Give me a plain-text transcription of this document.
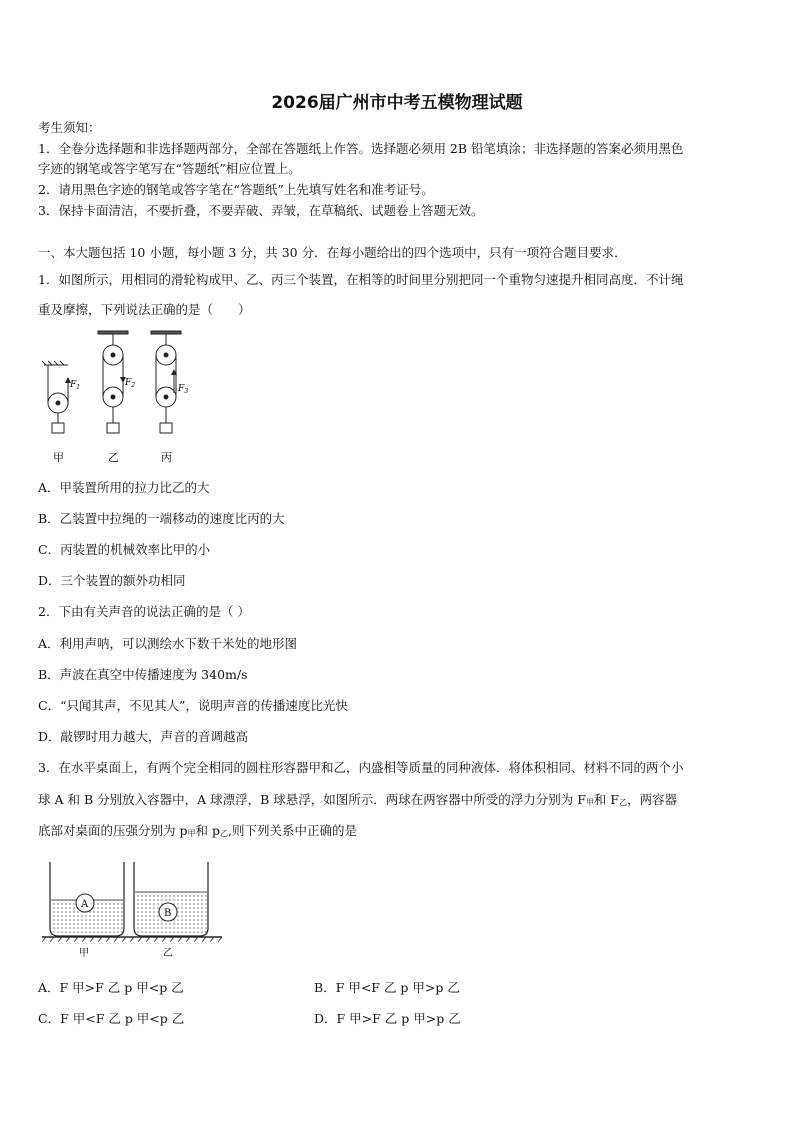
2026届广州市中考五模物理试题
考生须知：
1．全卷分选择题和非选择题两部分，全部在答题纸上作答。选择题必须用 2B 铅笔填涂；非选择题的答案必须用黑色
字迹的钢笔或答字笔写在“答题纸”相应位置上。
2．请用黑色字迹的钢笔或答字笔在“答题纸”上先填写姓名和准考证号。
3．保持卡面清洁，不要折叠，不要弄破、弄皱，在草稿纸、试题卷上答题无效。
一、本大题包括 10 小题，每小题 3 分，共 30 分．在每小题给出的四个选项中，只有一项符合题目要求．
1．如图所示，用相同的滑轮构成甲、乙、丙三个装置，在相等的时间里分别把同一个重物匀速提升相同高度．不计绳
重及摩擦，下列说法正确的是（　　）
$F_1$	$F_2$	$F_3$
甲	乙	丙
A．甲装置所用的拉力比乙的大
B．乙装置中拉绳的一端移动的速度比丙的大
C．丙装置的机械效率比甲的小
D．三个装置的额外功相同
2．下由有关声音的说法正确的是（ ）
A．利用声呐，可以测绘水下数千米处的地形图
B．声波在真空中传播速度为 340m/s
C．“只闻其声，不见其人”，说明声音的传播速度比光快
D．敲锣时用力越大，声音的音调越高
3．在水平桌面上，有两个完全相同的圆柱形容器甲和乙，内盛相等质量的同种液体．将体积相同、材料不同的两个小
球 A 和 B 分别放入容器中，A 球漂浮，B 球悬浮，如图所示．两球在两容器中所受的浮力分别为 F甲和 F乙，两容器
底部对桌面的压强分别为 p甲和 p乙,则下列关系中正确的是
A
B
甲	乙
A．F 甲>F 乙 p 甲<p 乙	B．F 甲<F 乙 p 甲>p 乙
C．F 甲<F 乙 p 甲<p 乙	D．F 甲>F 乙 p 甲>p 乙
